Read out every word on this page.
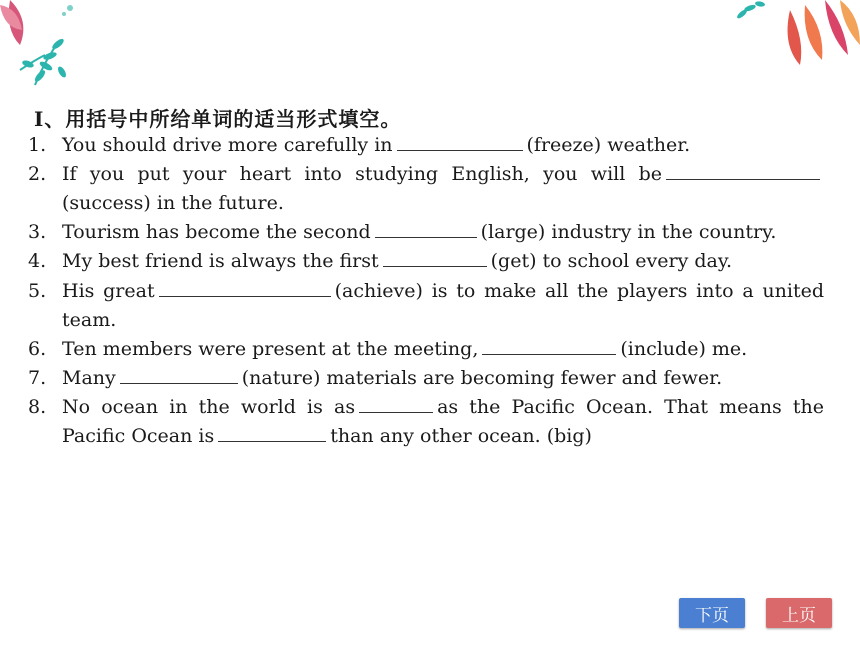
Ⅰ、用括号中所给单词的适当形式填空。
1. You should drive more carefully in	(freeze) weather.
2. If you put your heart into studying English, you will be(success) in the future.
3. Tourism has become the second	(large) industry in the country.
4. My best friend is always the first	(get) to school every day.
5. His great	(achieve) is to make all the players into a united team.
6. Ten members were present at the meeting,	(include) me.
7. Many	(nature) materials are becoming fewer and fewer.
8. No ocean in the world is as	as the Pacific Ocean. That means the Pacific Ocean is	than any other ocean. (big)
下页	上页
